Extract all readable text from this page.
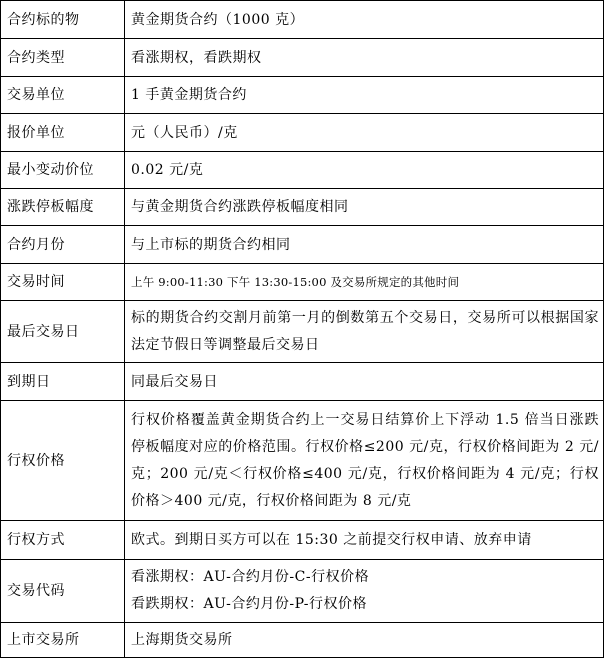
合约标的物	黄金期货合约（1000 克）
合约类型	看涨期权，看跌期权
交易单位	1 手黄金期货合约
报价单位	元（人民币）/克
最小变动价位	0.02 元/克
涨跌停板幅度	与黄金期货合约涨跌停板幅度相同
合约月份	与上市标的期货合约相同
交易时间	上午 9:00-11:30 下午 13:30-15:00 及交易所规定的其他时间
最后交易日	标的期货合约交割月前第一月的倒数第五个交易日，交易所可以根据国家法定节假日等调整最后交易日
到期日	同最后交易日
行权价格	行权价格覆盖黄金期货合约上一交易日结算价上下浮动 1.5 倍当日涨跌停板幅度对应的价格范围。行权价格≤200 元/克，行权价格间距为 2 元/克；200 元/克＜行权价格≤400 元/克，行权价格间距为 4 元/克；行权价格＞400 元/克，行权价格间距为 8 元/克
行权方式	欧式。到期日买方可以在 15:30 之前提交行权申请、放弃申请
交易代码	看涨期权：AU-合约月份-C-行权价格
看跌期权：AU-合约月份-P-行权价格

上市交易所	上海期货交易所
